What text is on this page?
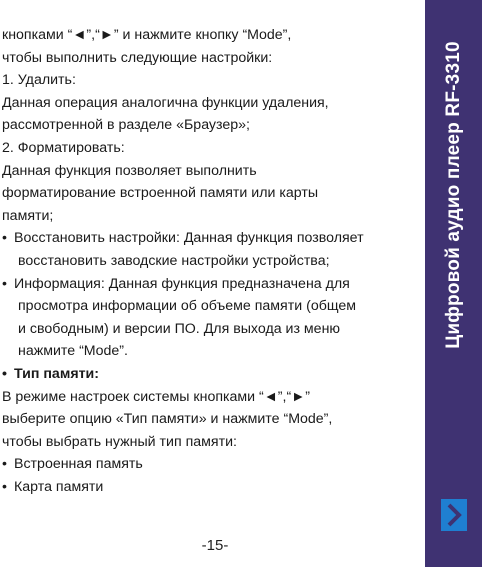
кнопками “◄”,“►” и нажмите кнопку “Mode”,
чтобы выполнить следующие настройки:
1. Удалить:
Данная операция аналогична функции удаления,
рассмотренной в разделе «Браузер»;
2. Форматировать:
Данная функция позволяет выполнить
форматирование встроенной памяти или карты
памяти;
• Восстановить настройки: Данная функция позволяет
восстановить заводские настройки устройства;
• Информация: Данная функция предназначена для
просмотра информации об объеме памяти (общем
и свободным) и версии ПО. Для выхода из меню
нажмите “Mode”.
• Тип памяти:
В режиме настроек системы кнопками “◄”,“►”
выберите опцию «Тип памяти» и нажмите “Mode”,
чтобы выбрать нужный тип памяти:
• Встроенная память
• Карта памяти
-15-
Цифровой аудио плеер RF-3310
